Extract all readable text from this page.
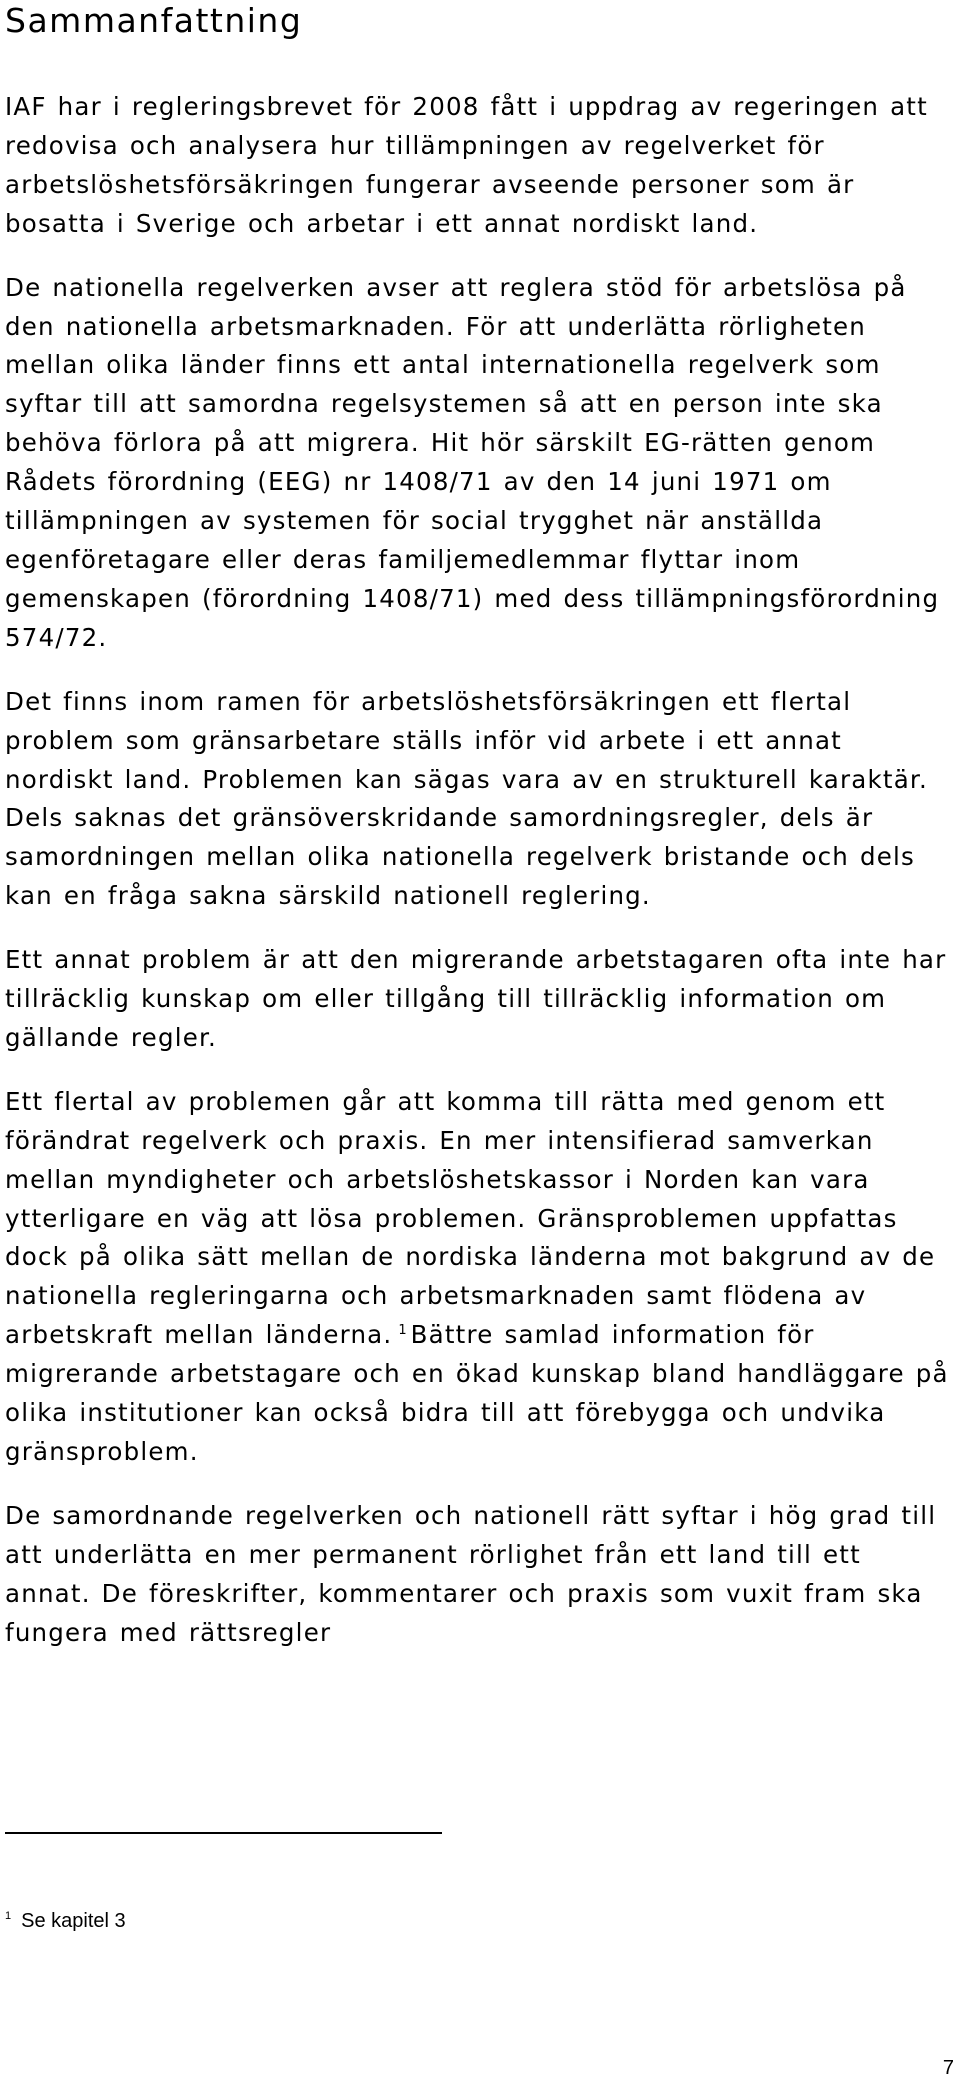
Sammanfattning

IAF har i regleringsbrevet för 2008 fått i uppdrag av regeringen att redovisa och analysera hur tillämpningen av regelverket för arbetslöshetsförsäkringen fungerar avseende personer som är bosatta i Sverige och arbetar i ett annat nordiskt land.

De nationella regelverken avser att reglera stöd för arbetslösa på den nationella arbetsmarknaden. För att underlätta rörligheten mellan olika länder finns ett antal internationella regelverk som syftar till att samordna regelsystemen så att en person inte ska behöva förlora på att migrera. Hit hör särskilt EG-rätten genom Rådets förordning (EEG) nr 1408/71 av den 14 juni 1971 om tillämpningen av systemen för social trygghet när anställda egenföretagare eller deras familjemedlemmar flyttar inom gemenskapen (förordning 1408/71) med dess tillämpningsförordning 574/72.

Det finns inom ramen för arbetslöshetsförsäkringen ett flertal problem som gränsarbetare ställs inför vid arbete i ett annat nordiskt land. Problemen kan sägas vara av en strukturell karaktär. Dels saknas det gränsöverskridande samordningsregler, dels är samordningen mellan olika nationella regelverk bristande och dels kan en fråga sakna särskild nationell reglering.

Ett annat problem är att den migrerande arbetstagaren ofta inte har tillräcklig kunskap om eller tillgång till tillräcklig information om gällande regler.

Ett flertal av problemen går att komma till rätta med genom ett förändrat regelverk och praxis. En mer intensifierad samverkan mellan myndigheter och arbetslöshetskassor i Norden kan vara ytterligare en väg att lösa problemen. Gränsproblemen uppfattas dock på olika sätt mellan de nordiska länderna mot bakgrund av de nationella regleringarna och arbetsmarknaden samt flödena av arbetskraft mellan länderna. $^1$ Bättre samlad information för migrerande arbetstagare och en ökad kunskap bland handläggare på olika institutioner kan också bidra till att förebygga och undvika gränsproblem.

De samordnande regelverken och nationell rätt syftar i hög grad till att underlätta en mer permanent rörlighet från ett land till ett annat. De föreskrifter, kommentarer och praxis som vuxit fram ska fungera med rättsregler

$^1$ Se kapitel 3
7
